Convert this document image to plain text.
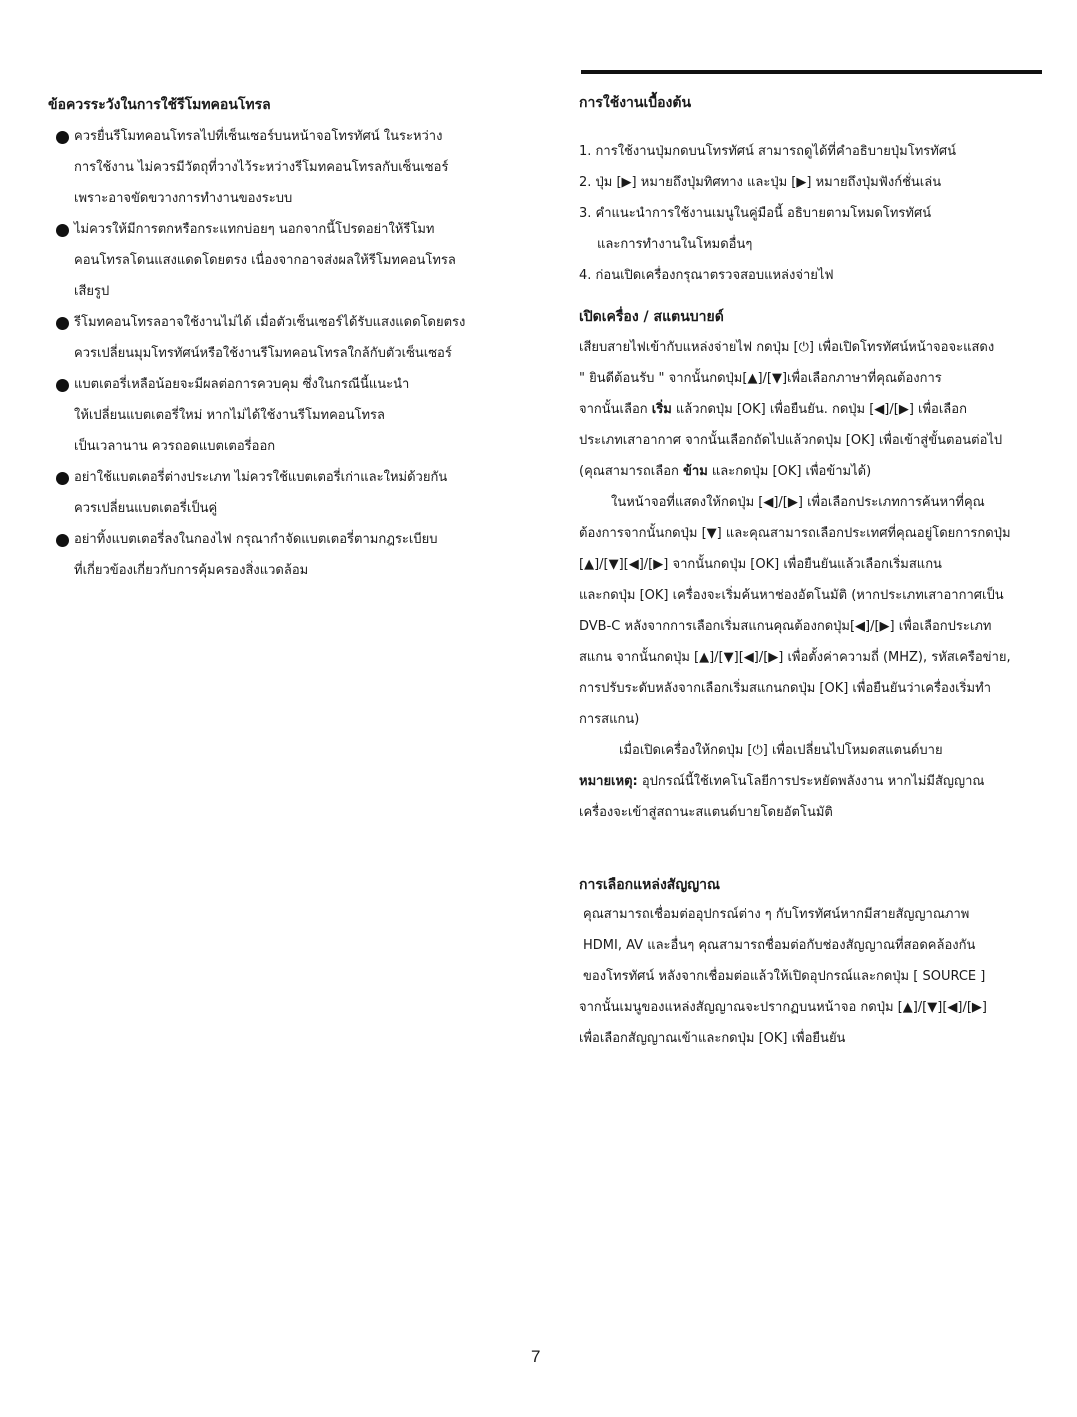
ข้อควรระวังในการใช้รีโมทคอนโทรล

ควรยื่นรีโมทคอนโทรลไปที่เซ็นเซอร์บนหน้าจอโทรทัศน์ ในระหว่าง

การใช้งาน ไม่ควรมีวัตถุที่วางไว้ระหว่างรีโมทคอนโทรลกับเซ็นเซอร์

เพราะอาจขัดขวางการทำงานของระบบ

ไม่ควรให้มีการตกหรือกระแทกบ่อยๆ นอกจากนี้โปรดอย่าให้รีโมท

คอนโทรลโดนแสงแดดโดยตรง เนื่องจากอาจส่งผลให้รีโมทคอนโทรล

เสียรูป

รีโมทคอนโทรลอาจใช้งานไม่ได้ เมื่อตัวเซ็นเซอร์ได้รับแสงแดดโดยตรง

ควรเปลี่ยนมุมโทรทัศน์หรือใช้งานรีโมทคอนโทรลใกล้กับตัวเซ็นเซอร์

แบตเตอรี่เหลือน้อยจะมีผลต่อการควบคุม ซึ่งในกรณีนี้แนะนำ

ให้เปลี่ยนแบตเตอรี่ใหม่ หากไม่ได้ใช้งานรีโมทคอนโทรล

เป็นเวลานาน ควรถอดแบตเตอรี่ออก

อย่าใช้แบตเตอรี่ต่างประเภท ไม่ควรใช้แบตเตอรี่เก่าและใหม่ด้วยกัน

ควรเปลี่ยนแบตเตอรี่เป็นคู่

อย่าทิ้งแบตเตอรี่ลงในกองไฟ กรุณากำจัดแบตเตอรี่ตามกฎระเบียบ

ที่เกี่ยวข้องเกี่ยวกับการคุ้มครองสิ่งแวดล้อม

การใช้งานเบื้องต้น

1. การใช้งานปุ่มกดบนโทรทัศน์ สามารถดูได้ที่คำอธิบายปุ่มโทรทัศน์

2. ปุ่ม [▶] หมายถึงปุ่มทิศทาง และปุ่ม [▶] หมายถึงปุ่มฟังก์ชั่นเล่น

3. คำแนะนำการใช้งานเมนูในคู่มือนี้ อธิบายตามโหมดโทรทัศน์

และการทำงานในโหมดอื่นๆ

4. ก่อนเปิดเครื่องกรุณาตรวจสอบแหล่งจ่ายไฟ

เปิดเครื่อง / สแตนบายด์

เสียบสายไฟเข้ากับแหล่งจ่ายไฟ กดปุ่ม [⏻] เพื่อเปิดโทรทัศน์หน้าจอจะแสดง

" ยินดีต้อนรับ " จากนั้นกดปุ่ม[▲]/[▼]เพื่อเลือกภาษาที่คุณต้องการ

จากนั้นเลือก เริ่ม แล้วกดปุ่ม [OK] เพื่อยืนยัน. กดปุ่ม [◀]/[▶] เพื่อเลือก

ประเภทเสาอากาศ จากนั้นเลือกถัดไปแล้วกดปุ่ม [OK] เพื่อเข้าสู่ขั้นตอนต่อไป

(คุณสามารถเลือก ข้าม และกดปุ่ม [OK] เพื่อข้ามได้)

ในหน้าจอที่แสดงให้กดปุ่ม [◀]/[▶] เพื่อเลือกประเภทการค้นหาที่คุณ

ต้องการจากนั้นกดปุ่ม [▼] และคุณสามารถเลือกประเทศที่คุณอยู่โดยการกดปุ่ม

[▲]/[▼][◀]/[▶] จากนั้นกดปุ่ม [OK] เพื่อยืนยันแล้วเลือกเริ่มสแกน

และกดปุ่ม [OK] เครื่องจะเริ่มค้นหาช่องอัตโนมัติ (หากประเภทเสาอากาศเป็น

DVB-C หลังจากการเลือกเริ่มสแกนคุณต้องกดปุ่ม[◀]/[▶] เพื่อเลือกประเภท

สแกน จากนั้นกดปุ่ม [▲]/[▼][◀]/[▶] เพื่อตั้งค่าความถี่ (MHZ), รหัสเครือข่าย,

การปรับระดับหลังจากเลือกเริ่มสแกนกดปุ่ม [OK] เพื่อยืนยันว่าเครื่องเริ่มทำ

การสแกน)

เมื่อเปิดเครื่องให้กดปุ่ม [⏻] เพื่อเปลี่ยนไปโหมดสแตนด์บาย

หมายเหตุ: อุปกรณ์นี้ใช้เทคโนโลยีการประหยัดพลังงาน หากไม่มีสัญญาณ

เครื่องจะเข้าสู่สถานะสแตนด์บายโดยอัตโนมัติ

การเลือกแหล่งสัญญาณ

คุณสามารถเชื่อมต่ออุปกรณ์ต่าง ๆ กับโทรทัศน์หากมีสายสัญญาณภาพ

HDMI, AV และอื่นๆ คุณสามารถชื่อมต่อกับช่องสัญญาณที่สอดคล้องกัน

ของโทรทัศน์ หลังจากเชื่อมต่อแล้วให้เปิดอุปกรณ์และกดปุ่ม [ SOURCE ]

จากนั้นเมนูของแหล่งสัญญาณจะปรากฏบนหน้าจอ กดปุ่ม [▲]/[▼][◀]/[▶]

เพื่อเลือกสัญญาณเข้าและกดปุ่ม [OK] เพื่อยืนยัน

7
